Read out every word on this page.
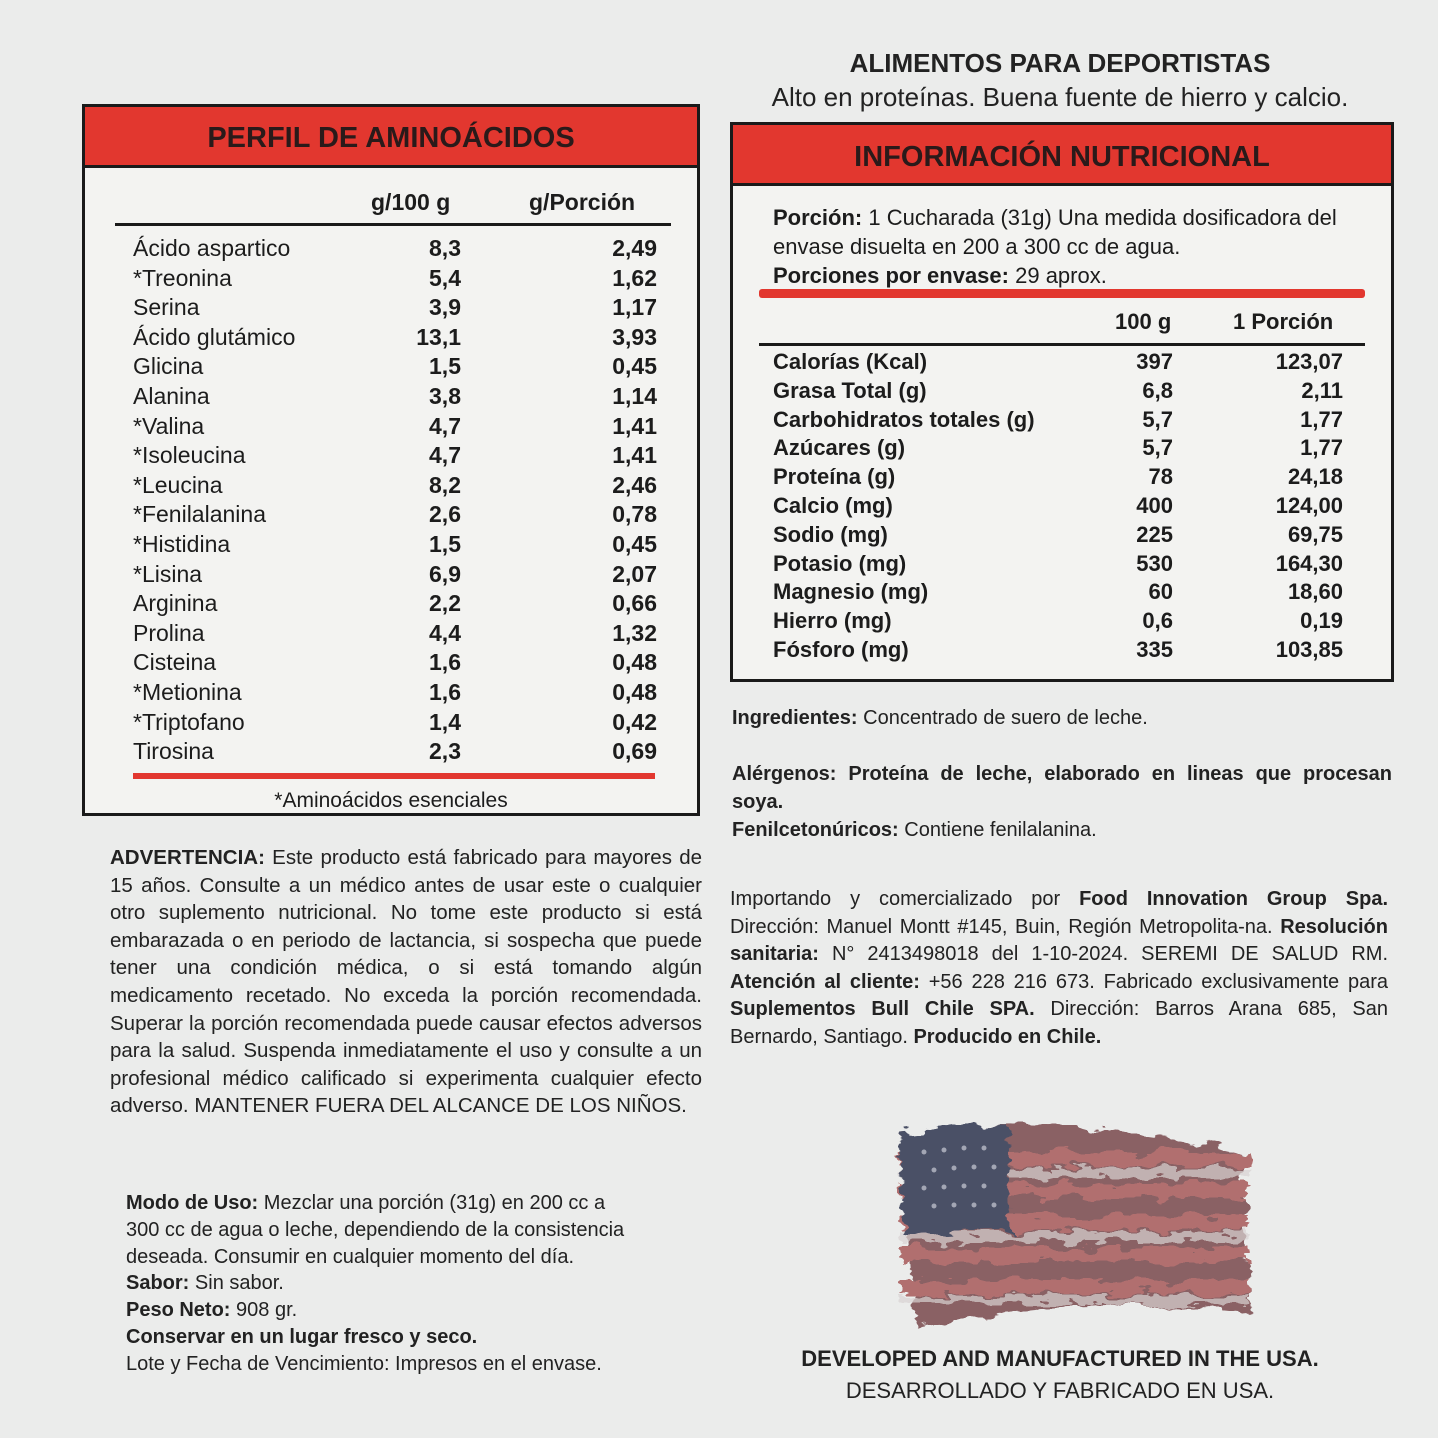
PERFIL DE AMINOÁCIDOS
g/100 g	g/Porción
Ácido aspartico	8,3	2,49
*Treonina	5,4	1,62
Serina	3,9	1,17
Ácido glutámico	13,1	3,93
Glicina	1,5	0,45
Alanina	3,8	1,14
*Valina	4,7	1,41
*Isoleucina	4,7	1,41
*Leucina	8,2	2,46
*Fenilalanina	2,6	0,78
*Histidina	1,5	0,45
*Lisina	6,9	2,07
Arginina	2,2	0,66
Prolina	4,4	1,32
Cisteina	1,6	0,48
*Metionina	1,6	0,48
*Triptofano	1,4	0,42
Tirosina	2,3	0,69
*Aminoácidos esenciales
ALIMENTOS PARA DEPORTISTAS
Alto en proteínas. Buena fuente de hierro y calcio.
INFORMACIÓN NUTRICIONAL
Porción: 1 Cucharada (31g) Una medida dosificadora del envase disuelta en 200 a 300 cc de agua.
Porciones por envase: 29 aprox.
100 g	1 Porción
Calorías (Kcal)	397	123,07
Grasa Total (g)	6,8	2,11
Carbohidratos totales (g)	5,7	1,77
Azúcares (g)	5,7	1,77
Proteína (g)	78	24,18
Calcio (mg)	400	124,00
Sodio (mg)	225	69,75
Potasio (mg)	530	164,30
Magnesio (mg)	60	18,60
Hierro (mg)	0,6	0,19
Fósforo (mg)	335	103,85
Ingredientes: Concentrado de suero de leche.
Alérgenos: Proteína de leche, elaborado en lineas que procesan soya.
Fenilcetonúricos: Contiene fenilalanina.
Importando y comercializado por Food Innovation Group Spa. Dirección: Manuel Montt #145, Buin, Región Metropolita-na. Resolución sanitaria: N° 2413498018 del 1-10-2024. SEREMI DE SALUD RM. Atención al cliente: +56 228 216 673. Fabricado exclusivamente para Suplementos Bull Chile SPA. Dirección: Barros Arana 685, San Bernardo, Santiago. Producido en Chile.
ADVERTENCIA: Este producto está fabricado para mayores de 15 años. Consulte a un médico antes de usar este o cualquier otro suplemento nutricional. No tome este producto si está embarazada o en periodo de lactancia, si sospecha que puede tener una condición médica, o si está tomando algún medicamento recetado. No exceda la porción recomendada. Superar la porción recomendada puede causar efectos adversos para la salud. Suspenda inmediatamente el uso y consulte a un profesional médico calificado si experimenta cualquier efecto adverso. MANTENER FUERA DEL ALCANCE DE LOS NIÑOS.
Modo de Uso: Mezclar una porción (31g) en 200 cc a
300 cc de agua o leche, dependiendo de la consistencia
deseada. Consumir en cualquier momento del día.
Sabor: Sin sabor.
Peso Neto: 908 gr.
Conservar en un lugar fresco y seco.
Lote y Fecha de Vencimiento: Impresos en el envase.	DEVELOPED AND MANUFACTURED IN THE USA.
DESARROLLADO Y FABRICADO EN USA.
